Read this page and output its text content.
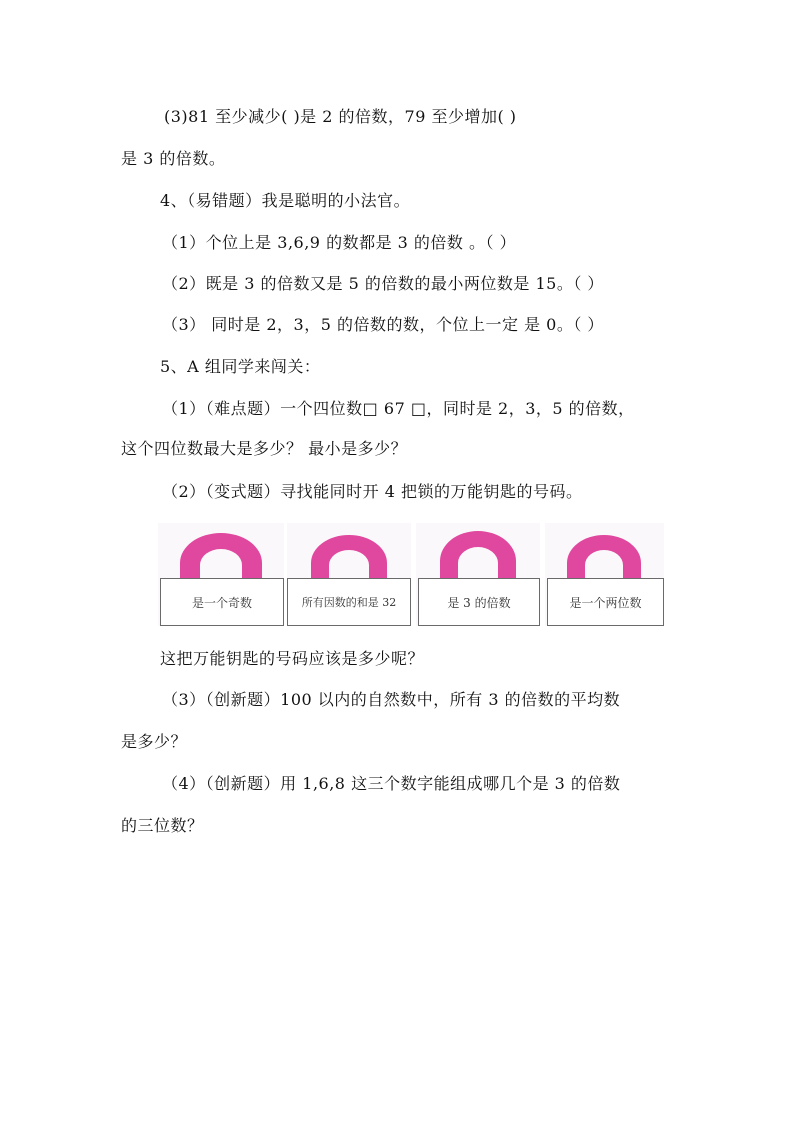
(3)81 至少减少( )是 2 的倍数，79 至少增加( )
是 3 的倍数。
4、（易错题）我是聪明的小法官。
（1）个位上是 3,6,9 的数都是 3 的倍数 。（ ）
（2）既是 3 的倍数又是 5 的倍数的最小两位数是 15。（ ）
（3） 同时是 2，3，5 的倍数的数，个位上一定 是 0。（ ）
5、A 组同学来闯关：
（1）（难点题）一个四位数□ 67 □，同时是 2，3，5 的倍数，
这个四位数最大是多少？ 最小是多少？
（2）（变式题）寻找能同时开 4 把锁的万能钥匙的号码。
是一个奇数	所有因数的和是 32	是 3 的倍数	是一个两位数
这把万能钥匙的号码应该是多少呢？
（3）（创新题）100 以内的自然数中，所有 3 的倍数的平均数
是多少？
（4）（创新题）用 1,6,8 这三个数字能组成哪几个是 3 的倍数
的三位数？
